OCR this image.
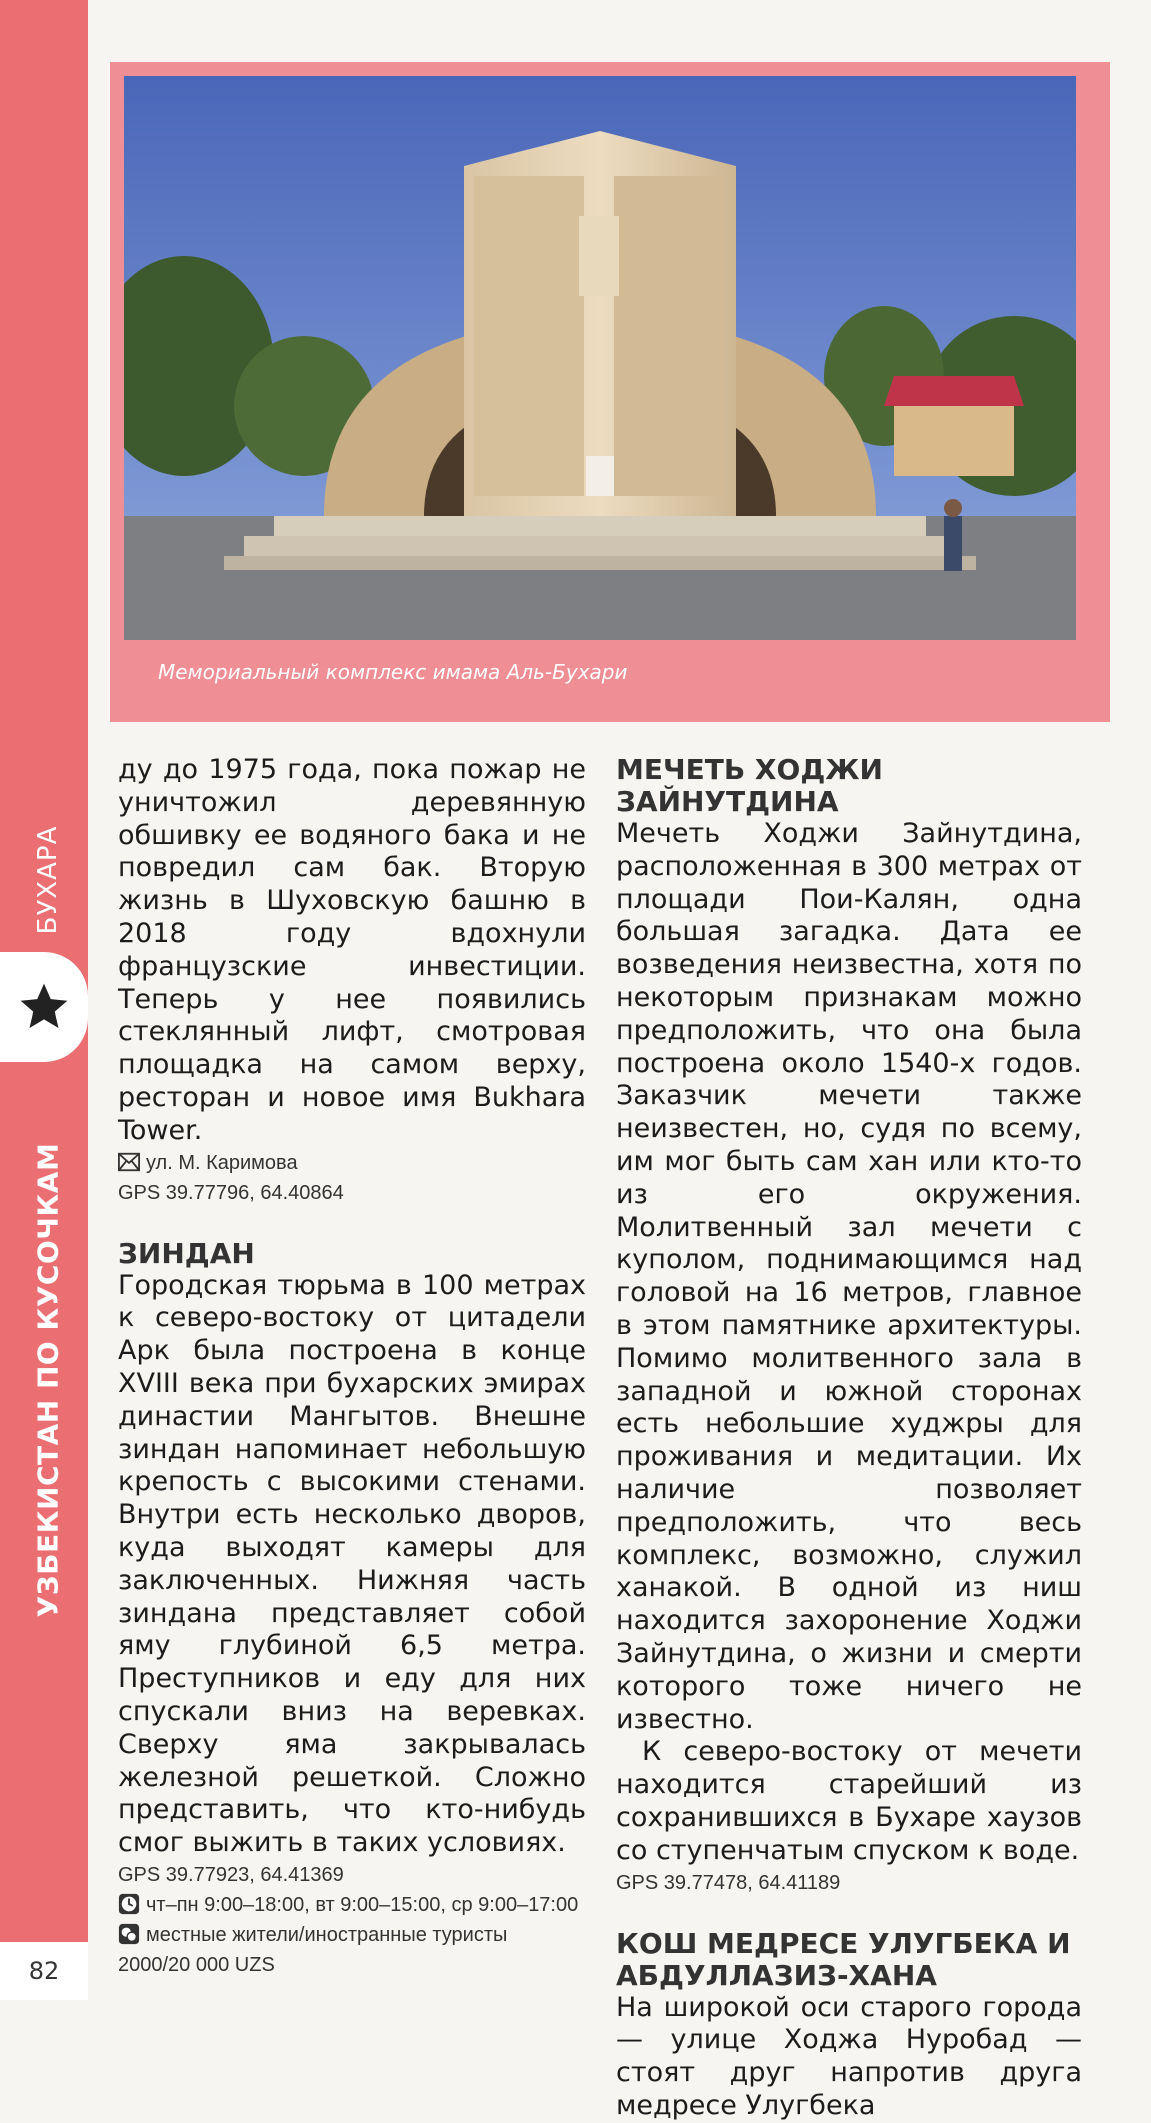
БУХАРА
УЗБЕКИСТАН ПО КУСОЧКАМ
82
Мемориальный комплекс имама Аль-Бухари

ду до 1975 года, пока пожар не уничтожил деревянную обшивку ее водяного бака и не повредил сам бак. Вторую жизнь в Шуховскую башню в 2018 году вдохнули французские инвестиции. Теперь у нее появились стеклянный лифт, смотровая площадка на самом верху, ресторан и новое имя Bukhara Tower.

ул. М. Каримова
GPS 39.77796, 64.40864
ЗИНДАН

Городская тюрьма в 100 метрах к северо-востоку от цитадели Арк была построена в конце XVIII века при бухарских эмирах династии Мангытов. Внешне зиндан напоминает небольшую крепость с высокими стенами. Внутри есть несколько дворов, куда выходят камеры для заключенных. Нижняя часть зиндана представляет собой яму глубиной 6,5 метра. Преступников и еду для них спускали вниз на веревках. Сверху яма закрывалась железной решеткой. Сложно представить, что кто-нибудь смог выжить в таких условиях.

GPS 39.77923, 64.41369
чт–пн 9:00–18:00, вт 9:00–15:00, ср 9:00–17:00
местные жители/иностранные туристы
2000/20 000 UZS
МЕЧЕТЬ ХОДЖИ ЗАЙНУТДИНА

Мечеть Ходжи Зайнутдина, расположенная в 300 метрах от площади Пои-Калян, одна большая загадка. Дата ее возведения неизвестна, хотя по некоторым признакам можно предположить, что она была построена около 1540-х годов. Заказчик мечети также неизвестен, но, судя по всему, им мог быть сам хан или кто-то из его окружения. Молитвенный зал мечети с куполом, поднимающимся над головой на 16 метров, главное в этом памятнике архитектуры. Помимо молитвенного зала в западной и южной сторонах есть небольшие худжры для проживания и медитации. Их наличие позволяет предположить, что весь комплекс, возможно, служил ханакой. В одной из ниш находится захоронение Ходжи Зайнутдина, о жизни и смерти которого тоже ничего не известно.

К северо-востоку от мечети находится старейший из сохранившихся в Бухаре хаузов со ступенчатым спуском к воде.

GPS 39.77478, 64.41189
КОШ МЕДРЕСЕ УЛУГБЕКА И АБДУЛЛАЗИЗ-ХАНА

На широкой оси старого города — улице Ходжа Нуробад — стоят друг напротив друга медресе Улугбека
